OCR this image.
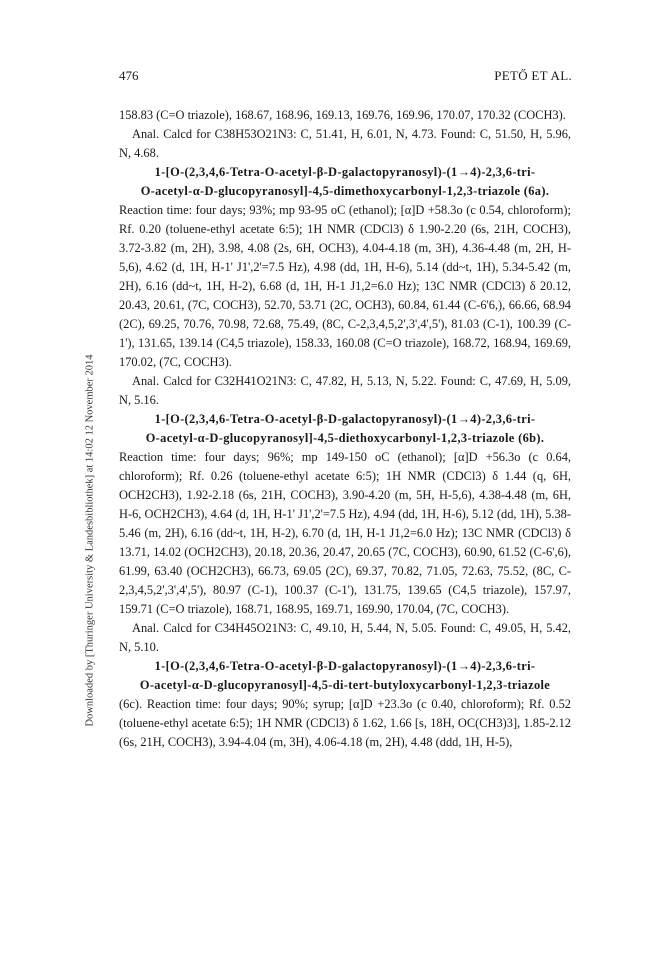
476	PETŐ ET AL.
Downloaded by [Thuringer University & Landesbibliothek] at 14:02 12 November 2014

158.83 (C=O triazole), 168.67, 168.96, 169.13, 169.76, 169.96, 170.07, 170.32 (COCH3).

Anal. Calcd for C38H53O21N3: C, 51.41, H, 6.01, N, 4.73. Found: C, 51.50, H, 5.96, N, 4.68.

1-[O-(2,3,4,6-Tetra-O-acetyl-β-D-galactopyranosyl)-(1→4)-2,3,6-tri-

O-acetyl-α-D-glucopyranosyl]-4,5-dimethoxycarbonyl-1,2,3-triazole (6a).

Reaction time: four days; 93%; mp 93-95 oC (ethanol); [α]D +58.3o (c 0.54, chloroform); Rf. 0.20 (toluene-ethyl acetate 6:5); 1H NMR (CDCl3) δ 1.90-2.20 (6s, 21H, COCH3), 3.72-3.82 (m, 2H), 3.98, 4.08 (2s, 6H, OCH3), 4.04-4.18 (m, 3H), 4.36-4.48 (m, 2H, H-5,6), 4.62 (d, 1H, H-1' J1',2'=7.5 Hz), 4.98 (dd, 1H, H-6), 5.14 (dd~t, 1H), 5.34-5.42 (m, 2H), 6.16 (dd~t, 1H, H-2), 6.68 (d, 1H, H-1 J1,2=6.0 Hz); 13C NMR (CDCl3) δ 20.12, 20.43, 20.61, (7C, COCH3), 52.70, 53.71 (2C, OCH3), 60.84, 61.44 (C-6'6,), 66.66, 68.94 (2C), 69.25, 70.76, 70.98, 72.68, 75.49, (8C, C-2,3,4,5,2',3',4',5'), 81.03 (C-1), 100.39 (C-1'), 131.65, 139.14 (C4,5 triazole), 158.33, 160.08 (C=O triazole), 168.72, 168.94, 169.69, 170.02, (7C, COCH3).

Anal. Calcd for C32H41O21N3: C, 47.82, H, 5.13, N, 5.22. Found: C, 47.69, H, 5.09, N, 5.16.

1-[O-(2,3,4,6-Tetra-O-acetyl-β-D-galactopyranosyl)-(1→4)-2,3,6-tri-

O-acetyl-α-D-glucopyranosyl]-4,5-diethoxycarbonyl-1,2,3-triazole (6b).

Reaction time: four days; 96%; mp 149-150 oC (ethanol); [α]D +56.3o (c 0.64, chloroform); Rf. 0.26 (toluene-ethyl acetate 6:5); 1H NMR (CDCl3) δ 1.44 (q, 6H, OCH2CH3), 1.92-2.18 (6s, 21H, COCH3), 3.90-4.20 (m, 5H, H-5,6), 4.38-4.48 (m, 6H, H-6, OCH2CH3), 4.64 (d, 1H, H-1' J1',2'=7.5 Hz), 4.94 (dd, 1H, H-6), 5.12 (dd, 1H), 5.38-5.46 (m, 2H), 6.16 (dd~t, 1H, H-2), 6.70 (d, 1H, H-1 J1,2=6.0 Hz); 13C NMR (CDCl3) δ 13.71, 14.02 (OCH2CH3), 20.18, 20.36, 20.47, 20.65 (7C, COCH3), 60.90, 61.52 (C-6',6), 61.99, 63.40 (OCH2CH3), 66.73, 69.05 (2C), 69.37, 70.82, 71.05, 72.63, 75.52, (8C, C-2,3,4,5,2',3',4',5'), 80.97 (C-1), 100.37 (C-1'), 131.75, 139.65 (C4,5 triazole), 157.97, 159.71 (C=O triazole), 168.71, 168.95, 169.71, 169.90, 170.04, (7C, COCH3).

Anal. Calcd for C34H45O21N3: C, 49.10, H, 5.44, N, 5.05. Found: C, 49.05, H, 5.42, N, 5.10.

1-[O-(2,3,4,6-Tetra-O-acetyl-β-D-galactopyranosyl)-(1→4)-2,3,6-tri-

O-acetyl-α-D-glucopyranosyl]-4,5-di-tert-butyloxycarbonyl-1,2,3-triazole

(6c). Reaction time: four days; 90%; syrup; [α]D +23.3o (c 0.40, chloroform); Rf. 0.52 (toluene-ethyl acetate 6:5); 1H NMR (CDCl3) δ 1.62, 1.66 [s, 18H, OC(CH3)3], 1.85-2.12 (6s, 21H, COCH3), 3.94-4.04 (m, 3H), 4.06-4.18 (m, 2H), 4.48 (ddd, 1H, H-5),
